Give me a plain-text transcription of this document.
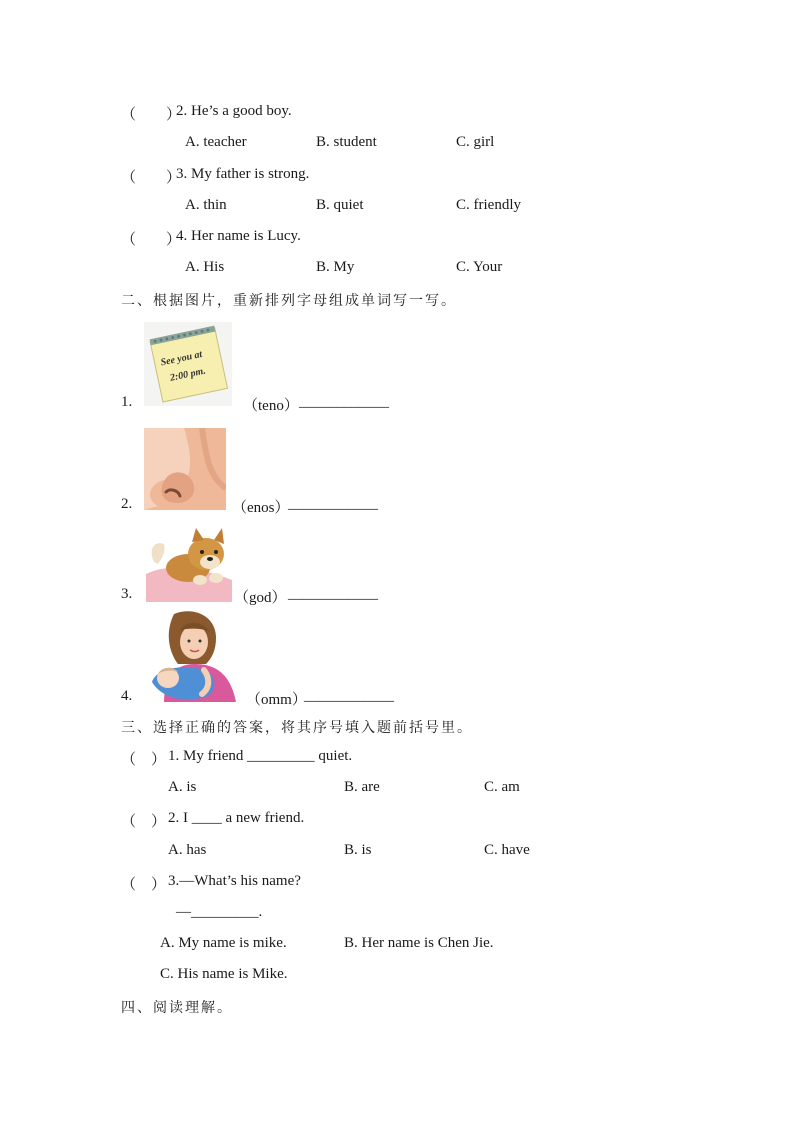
（　　）
2. He’s a good boy.
A. teacher	B. student	C. girl
（　　）
3. My father is strong.
A. thin	B. quiet	C. friendly
（　　）
4. Her name is Lucy.
A. His	B. My	C. Your
二、根据图片，重新排列字母组成单词写一写。
See you at
2:00 pm.
1.	（teno） ____________
2.	（enos）
____________
3.	（god） ____________
4.	（omm）
____________
三、选择正确的答案，将其序号填入题前括号里。
（　） 1. My friend _________ quiet.
A. is	B. are	C. am
（　） 2. I ____ a new friend.
A. has	B. is	C. have
（　） 3.—What’s his name?
—_________.
A. My name is mike.	B. Her name is Chen Jie.
C. His name is Mike.
四、阅读理解。
